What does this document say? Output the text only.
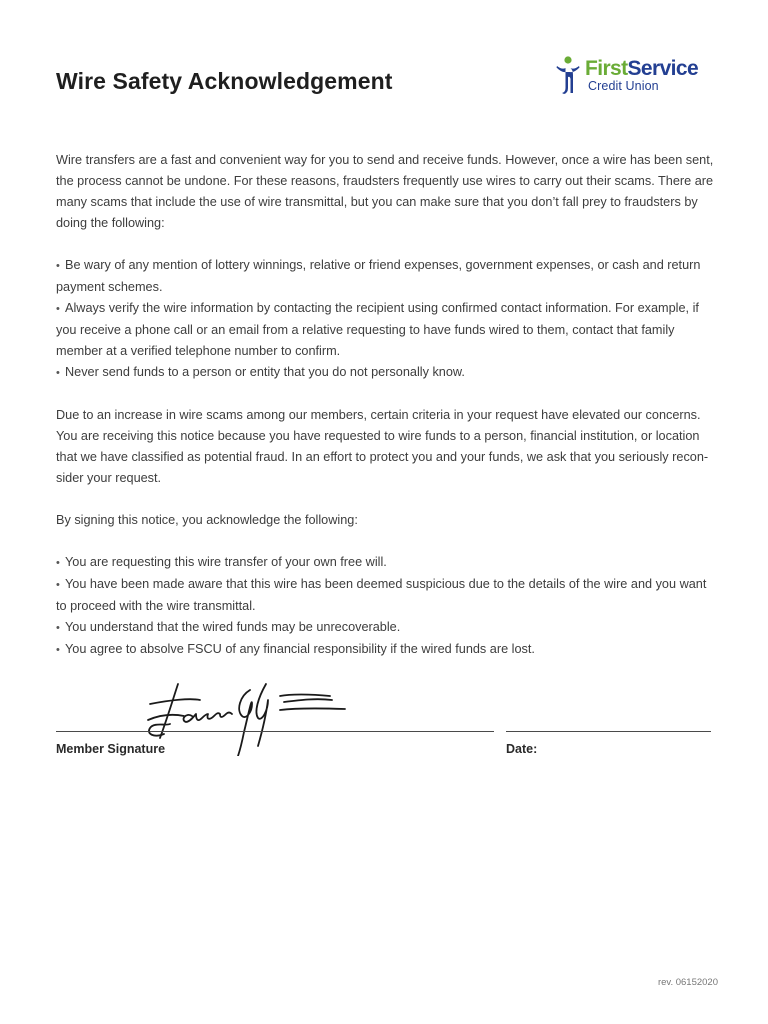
Wire Safety Acknowledgement	FirstService
Credit Union

Wire transfers are a fast and convenient way for you to send and receive funds. However, once a wire has been sent, the process cannot be undone. For these reasons, fraudsters frequently use wires to carry out their scams. There are many scams that include the use of wire transmittal, but you can make sure that you don’t fall prey to fraudsters by doing the following:

• Be wary of any mention of lottery winnings, relative or friend expenses, government expenses, or cash and return payment schemes.
• Always verify the wire information by contacting the recipient using confirmed contact information. For example, if you receive a phone call or an email from a relative requesting to have funds wired to them, contact that family member at a verified telephone number to confirm.
• Never send funds to a person or entity that you do not personally know.

Due to an increase in wire scams among our members, certain criteria in your request have elevated our concerns. You are receiving this notice because you have requested to wire funds to a person, financial institution, or location that we have classified as potential fraud. In an effort to protect you and your funds, we ask that you seriously recon-sider your request.

By signing this notice, you acknowledge the following:

• You are requesting this wire transfer of your own free will.
• You have been made aware that this wire has been deemed suspicious due to the details of the wire and you want to proceed with the wire transmittal.
• You understand that the wired funds may be unrecoverable.
• You agree to absolve FSCU of any financial responsibility if the wired funds are lost.
Member Signature	Date:
rev. 06152020
